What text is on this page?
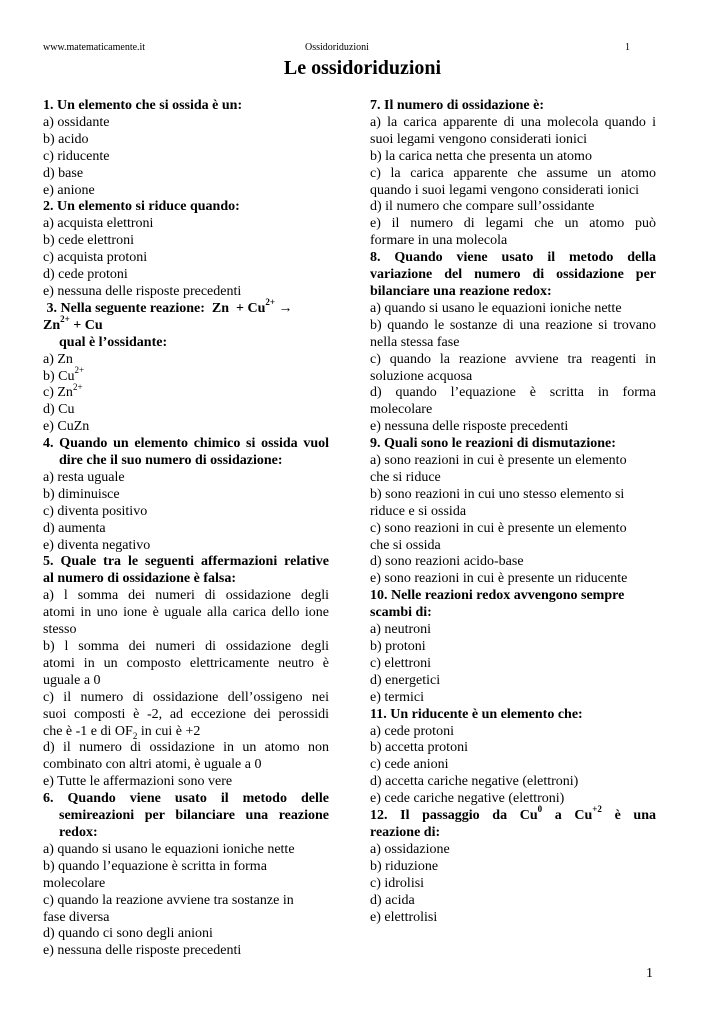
www.matematicamente.it	Ossidoriduzioni	1
Le ossidoriduzioni
1. Un elemento che si ossida è un:
a) ossidante
b) acido
c) riducente
d) base
e) anione
2. Un elemento si riduce quando:
a) acquista elettroni
b) cede elettroni
c) acquista protoni
d) cede protoni
e) nessuna delle risposte precedenti
3. Nella seguente reazione:  $Zn + Cu^{2+}$ →
$Zn^{2+} + Cu$
qual è l’ossidante:
a) Zn
b) $Cu^{2+}$
c) $Zn^{2+}$
d) Cu
e) CuZn
4. Quando un elemento chimico si ossida vuol
dire che il suo numero di ossidazione:
a) resta uguale
b) diminuisce
c) diventa positivo
d) aumenta
e) diventa negativo
5. Quale tra le seguenti affermazioni relative
al numero di ossidazione è falsa:
a) l somma dei numeri di ossidazione degli
atomi in uno ione è uguale alla carica dello ione
stesso
b) l somma dei numeri di ossidazione degli
atomi in un composto elettricamente neutro è
uguale a 0
c) il numero di ossidazione dell’ossigeno nei
suoi composti è -2, ad eccezione dei perossidi
che è -1 e di $OF_2$ in cui è +2
d) il numero di ossidazione in un atomo non
combinato con altri atomi, è uguale a 0
e) Tutte le affermazioni sono vere
6. Quando viene usato il metodo delle
semireazioni per bilanciare una reazione
redox:
a) quando si usano le equazioni ioniche nette
b) quando l’equazione è scritta in forma
molecolare
c) quando la reazione avviene tra sostanze in
fase diversa
d) quando ci sono degli anioni
e) nessuna delle risposte precedenti
7. Il numero di ossidazione è:
a) la carica apparente di una molecola quando i
suoi legami vengono considerati ionici
b) la carica netta che presenta un atomo
c) la carica apparente che assume un atomo
quando i suoi legami vengono considerati ionici
d) il numero che compare sull’ossidante
e) il numero di legami che un atomo può
formare in una molecola
8. Quando viene usato il metodo della
variazione del numero di ossidazione per
bilanciare una reazione redox:
a) quando si usano le equazioni ioniche nette
b) quando le sostanze di una reazione si trovano
nella stessa fase
c) quando la reazione avviene tra reagenti in
soluzione acquosa
d) quando l’equazione è scritta in forma
molecolare
e) nessuna delle risposte precedenti
9. Quali sono le reazioni di dismutazione:
a) sono reazioni in cui è presente un elemento
che si riduce
b) sono reazioni in cui uno stesso elemento si
riduce e si ossida
c) sono reazioni in cui è presente un elemento
che si ossida
d) sono reazioni acido-base
e) sono reazioni in cui è presente un riducente
10. Nelle reazioni redox avvengono sempre
scambi di:
a) neutroni
b) protoni
c) elettroni
d) energetici
e) termici
11. Un riducente è un elemento che:
a) cede protoni
b) accetta protoni
c) cede anioni
d) accetta cariche negative (elettroni)
e) cede cariche negative (elettroni)
12. Il passaggio da Cu$^0$ a $Cu^{+2}$ è una
reazione di:
a) ossidazione
b) riduzione
c) idrolisi
d) acida
e) elettrolisi
1
